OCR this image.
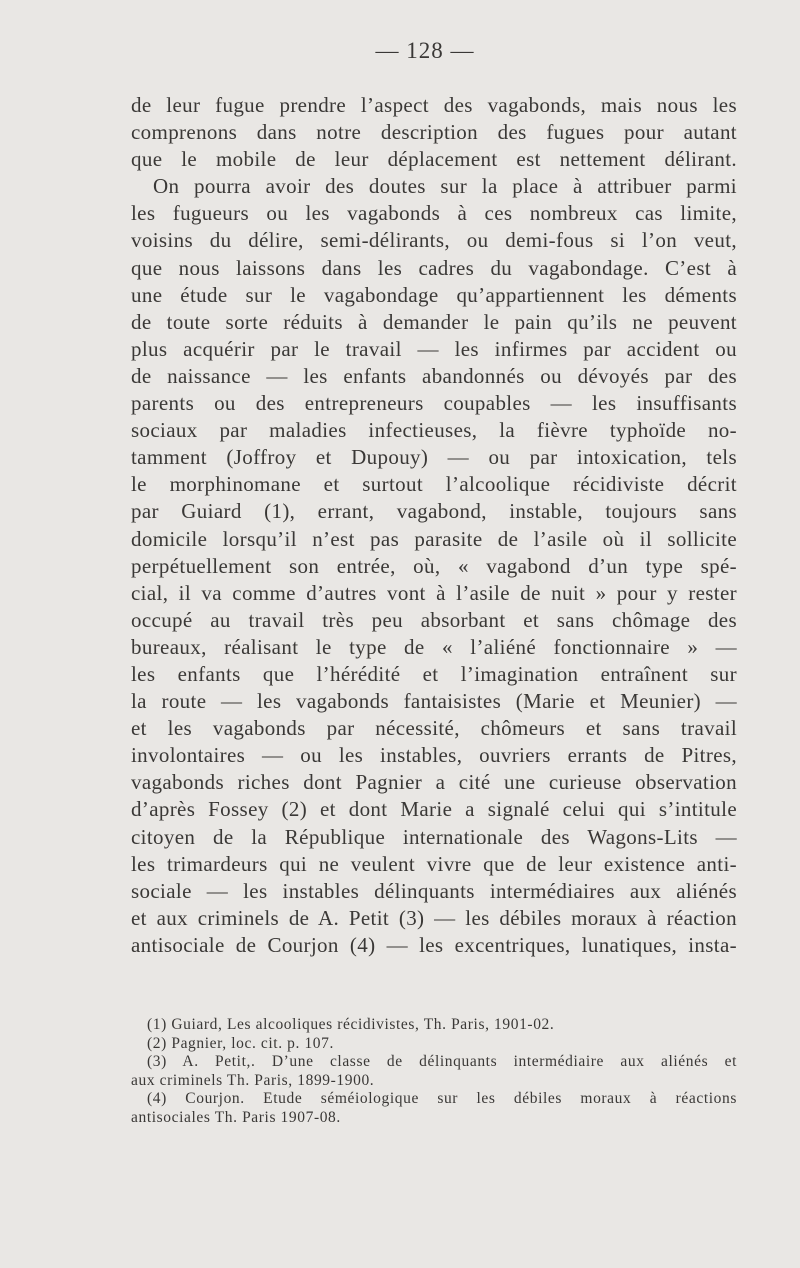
— 128 —
de leur fugue prendre l’aspect des vagabonds, mais nous les
comprenons dans notre description des fugues pour autant
que le mobile de leur déplacement est nettement délirant.
On pourra avoir des doutes sur la place à attribuer parmi
les fugueurs ou les vagabonds à ces nombreux cas limite,
voisins du délire, semi-délirants, ou demi-fous si l’on veut,
que nous laissons dans les cadres du vagabondage. C’est à
une étude sur le vagabondage qu’appartiennent les déments
de toute sorte réduits à demander le pain qu’ils ne peuvent
plus acquérir par le travail — les infirmes par accident ou
de naissance — les enfants abandonnés ou dévoyés par des
parents ou des entrepreneurs coupables — les insuffisants
sociaux par maladies infectieuses, la fièvre typhoïde no-
tamment (Joffroy et Dupouy) — ou par intoxication, tels
le morphinomane et surtout l’alcoolique récidiviste décrit
par Guiard (1), errant, vagabond, instable, toujours sans
domicile lorsqu’il n’est pas parasite de l’asile où il sollicite
perpétuellement son entrée, où, « vagabond d’un type spé-
cial, il va comme d’autres vont à l’asile de nuit » pour y rester
occupé au travail très peu absorbant et sans chômage des
bureaux, réalisant le type de « l’aliéné fonctionnaire » —
les enfants que l’hérédité et l’imagination entraînent sur
la route — les vagabonds fantaisistes (Marie et Meunier) —
et les vagabonds par nécessité, chômeurs et sans travail
involontaires — ou les instables, ouvriers errants de Pitres,
vagabonds riches dont Pagnier a cité une curieuse observation
d’après Fossey (2) et dont Marie a signalé celui qui s’intitule
citoyen de la République internationale des Wagons-Lits —
les trimardeurs qui ne veulent vivre que de leur existence anti-
sociale — les instables délinquants intermédiaires aux aliénés
et aux criminels de A. Petit (3) — les débiles moraux à réaction
antisociale de Courjon (4) — les excentriques, lunatiques, insta-
(1) Guiard, Les alcooliques récidivistes, Th. Paris, 1901-02.
(2) Pagnier, loc. cit. p. 107.
(3) A. Petit,. D’une classe de délinquants intermédiaire aux aliénés et
aux criminels Th. Paris, 1899-1900.
(4) Courjon. Etude séméiologique sur les débiles moraux à réactions
antisociales Th. Paris 1907-08.
